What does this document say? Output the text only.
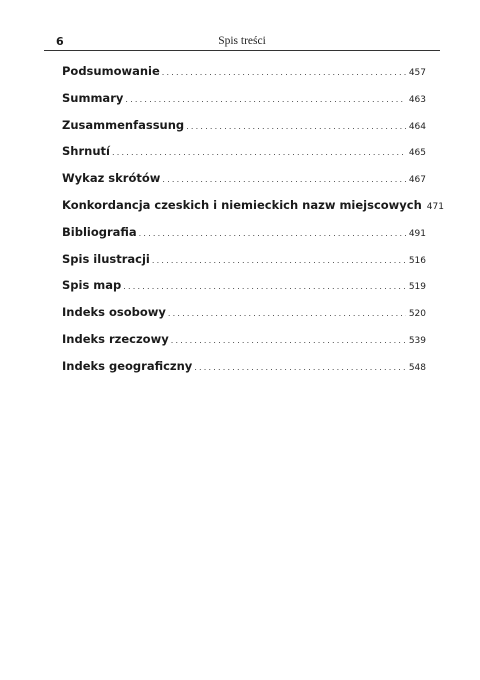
6	Spis treści
Podsumowanie .....	457
Summary .....	463
Zusammenfassung .....	464
Shrnutí .....	465
Wykaz skrótów .....	467
Konkordancja czeskich i niemieckich nazw miejscowych 471
Bibliografia .....	491
Spis ilustracji .....	516
Spis map .....	519
Indeks osobowy .....	520
Indeks rzeczowy .....	539
Indeks geograficzny .....	548
